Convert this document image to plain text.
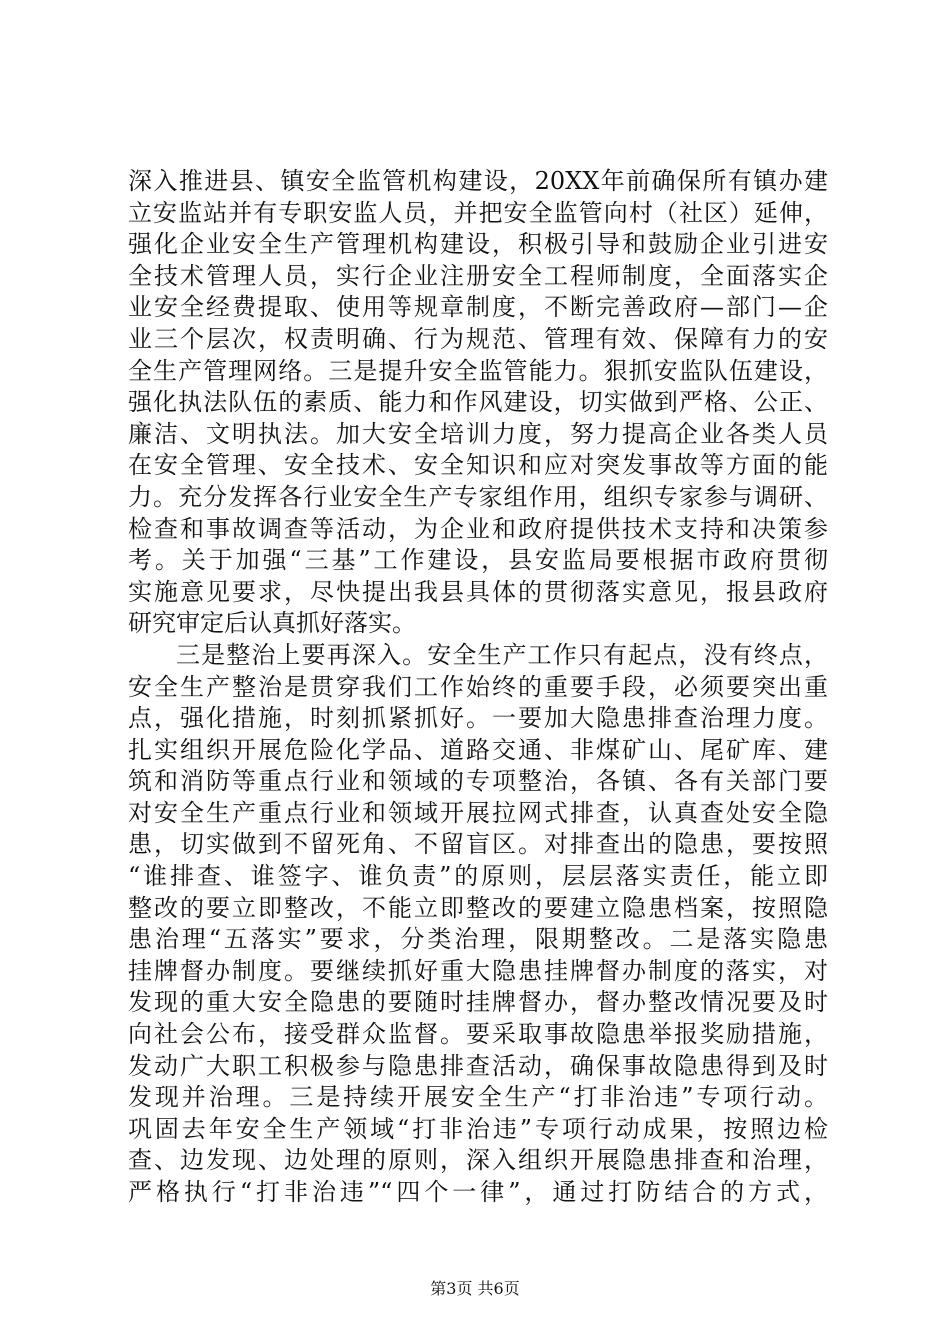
深入推进县、镇安全监管机构建设，20XX年前确保所有镇办建
立安监站并有专职安监人员，并把安全监管向村（社区）延伸，
强化企业安全生产管理机构建设，积极引导和鼓励企业引进安
全技术管理人员，实行企业注册安全工程师制度，全面落实企
业安全经费提取、使用等规章制度，不断完善政府—部门—企
业三个层次，权责明确、行为规范、管理有效、保障有力的安
全生产管理网络。三是提升安全监管能力。狠抓安监队伍建设，
强化执法队伍的素质、能力和作风建设，切实做到严格、公正、
廉洁、文明执法。加大安全培训力度，努力提高企业各类人员
在安全管理、安全技术、安全知识和应对突发事故等方面的能
力。充分发挥各行业安全生产专家组作用，组织专家参与调研、
检查和事故调查等活动，为企业和政府提供技术支持和决策参
考。关于加强“三基”工作建设，县安监局要根据市政府贯彻
实施意见要求，尽快提出我县具体的贯彻落实意见，报县政府
研究审定后认真抓好落实。
三是整治上要再深入。安全生产工作只有起点，没有终点，
安全生产整治是贯穿我们工作始终的重要手段，必须要突出重
点，强化措施，时刻抓紧抓好。一要加大隐患排查治理力度。
扎实组织开展危险化学品、道路交通、非煤矿山、尾矿库、建
筑和消防等重点行业和领域的专项整治，各镇、各有关部门要
对安全生产重点行业和领域开展拉网式排查，认真查处安全隐
患，切实做到不留死角、不留盲区。对排查出的隐患，要按照
“谁排查、谁签字、谁负责”的原则，层层落实责任，能立即
整改的要立即整改，不能立即整改的要建立隐患档案，按照隐
患治理“五落实”要求，分类治理，限期整改。二是落实隐患
挂牌督办制度。要继续抓好重大隐患挂牌督办制度的落实，对
发现的重大安全隐患的要随时挂牌督办，督办整改情况要及时
向社会公布，接受群众监督。要采取事故隐患举报奖励措施，
发动广大职工积极参与隐患排查活动，确保事故隐患得到及时
发现并治理。三是持续开展安全生产“打非治违”专项行动。
巩固去年安全生产领域“打非治违”专项行动成果，按照边检
查、边发现、边处理的原则，深入组织开展隐患排查和治理，
严格执行“打非治违”“四个一律”，通过打防结合的方式，
第3页 共6页
